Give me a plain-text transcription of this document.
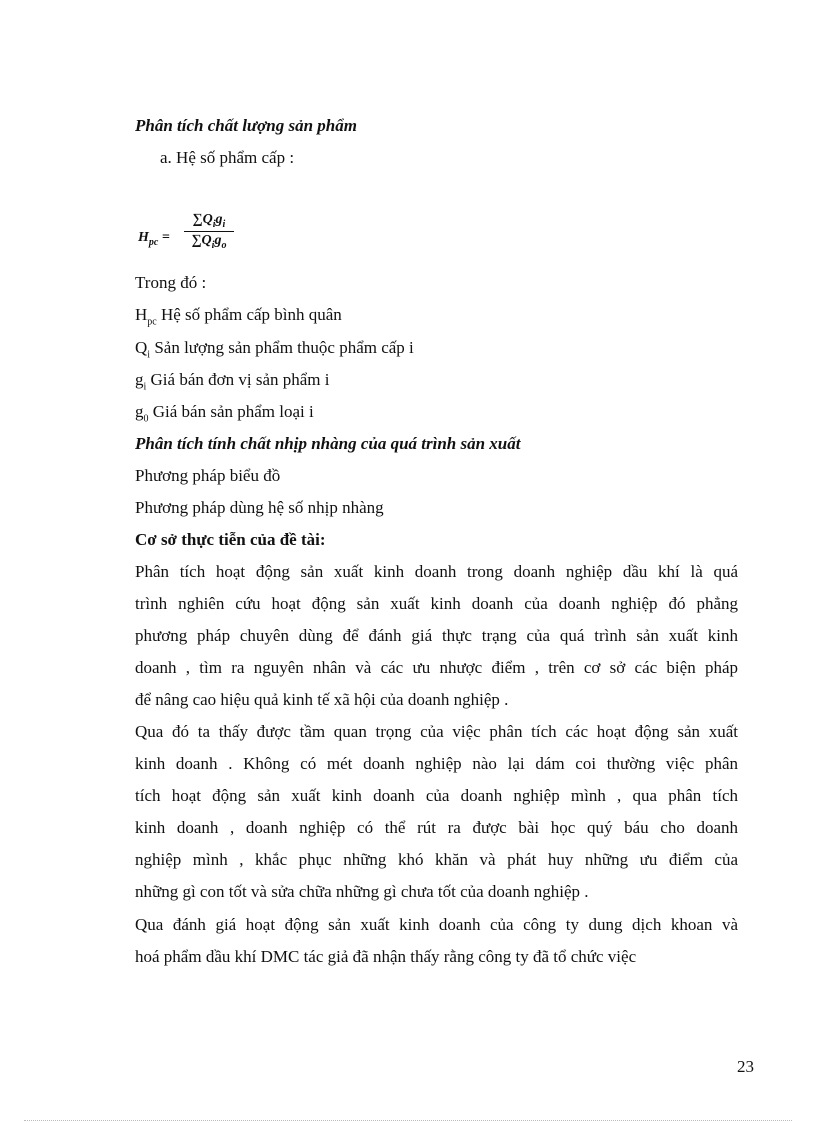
Phân tích chất lượng sản phẩm
a. Hệ số phẩm cấp :
$H_{pc}$ =
$\sum Q_ig_i$
$\sum Q_ig_o$
Trong đó :
$H_{pc}$ Hệ số phẩm cấp bình quân
$Q_i$ Sản lượng sản phẩm thuộc phẩm cấp i
$g_i$ Giá bán đơn vị sản phẩm i
$g_0$ Giá bán sản phẩm loại i
Phân tích tính chất nhịp nhàng của quá trình sản xuất
Phương pháp biểu đồ
Phương pháp dùng hệ số nhịp nhàng
Cơ sở thực tiễn của đề tài:
Phân tích hoạt động sản xuất kinh doanh trong doanh nghiệp dầu khí là quá
trình nghiên cứu hoạt động sản xuất kinh doanh của doanh nghiệp đó phẳng
phương pháp chuyên dùng để đánh giá thực trạng của quá trình sản xuất kinh
doanh , tìm ra nguyên nhân và các ưu nhược điểm , trên cơ sở các biện pháp
để nâng cao hiệu quả kinh tế xã hội của doanh nghiệp .
Qua đó ta thấy được tầm quan trọng của việc phân tích các hoạt động sản xuất
kinh doanh . Không có mét doanh nghiệp nào lại dám coi thường việc phân
tích hoạt động sản xuất kinh doanh của doanh nghiệp mình , qua phân tích
kinh doanh , doanh nghiệp có thể rút ra được bài học quý báu cho doanh
nghiệp mình , khắc phục những khó khăn và phát huy những ưu điểm của
những gì con tốt và sửa chữa những gì chưa tốt của doanh nghiệp .
Qua đánh giá hoạt động sản xuất kinh doanh của công ty dung dịch khoan và
hoá phẩm dầu khí DMC tác giả đã nhận thấy rằng công ty đã tổ chức việc
23
